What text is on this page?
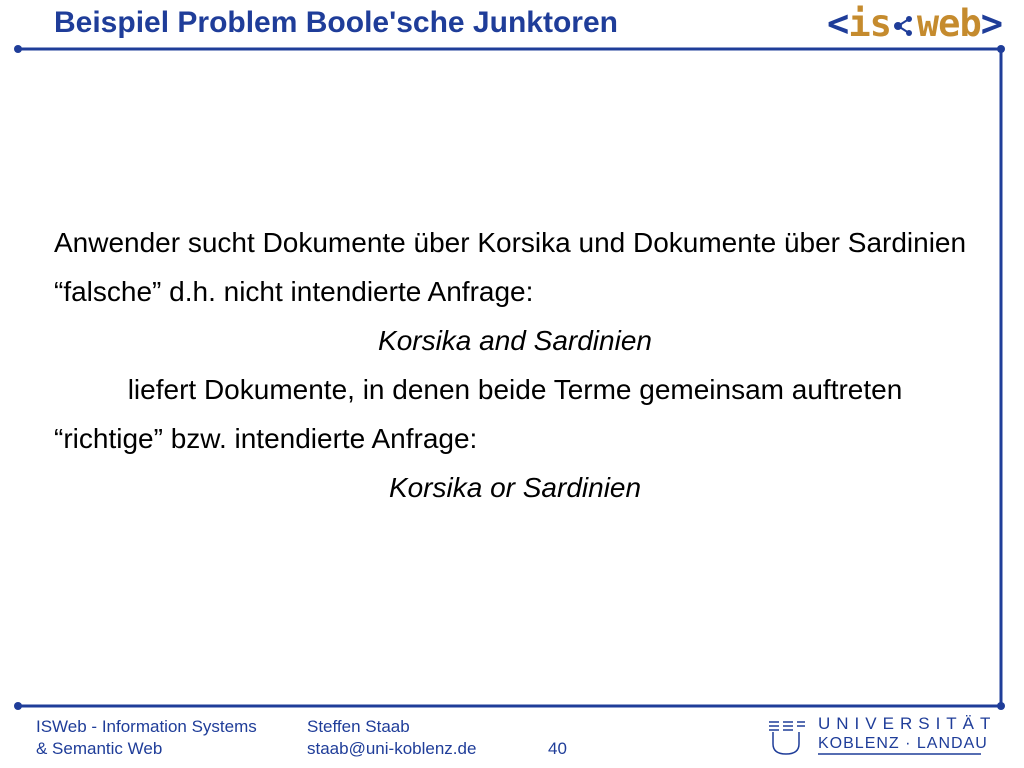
Beispiel Problem Boole'sche Junktoren	<is web>
Anwender sucht Dokumente über Korsika und Dokumente über Sardinien
“falsche” d.h. nicht intendierte Anfrage:
Korsika and Sardinien
liefert Dokumente, in denen beide Terme gemeinsam auftreten
“richtige” bzw. intendierte Anfrage:
Korsika or Sardinien
ISWeb - Information Systems
& Semantic Web
Steffen Staab
staab@uni-koblenz.de	40
UNIVERSITÄT
KOBLENZ · LANDAU
